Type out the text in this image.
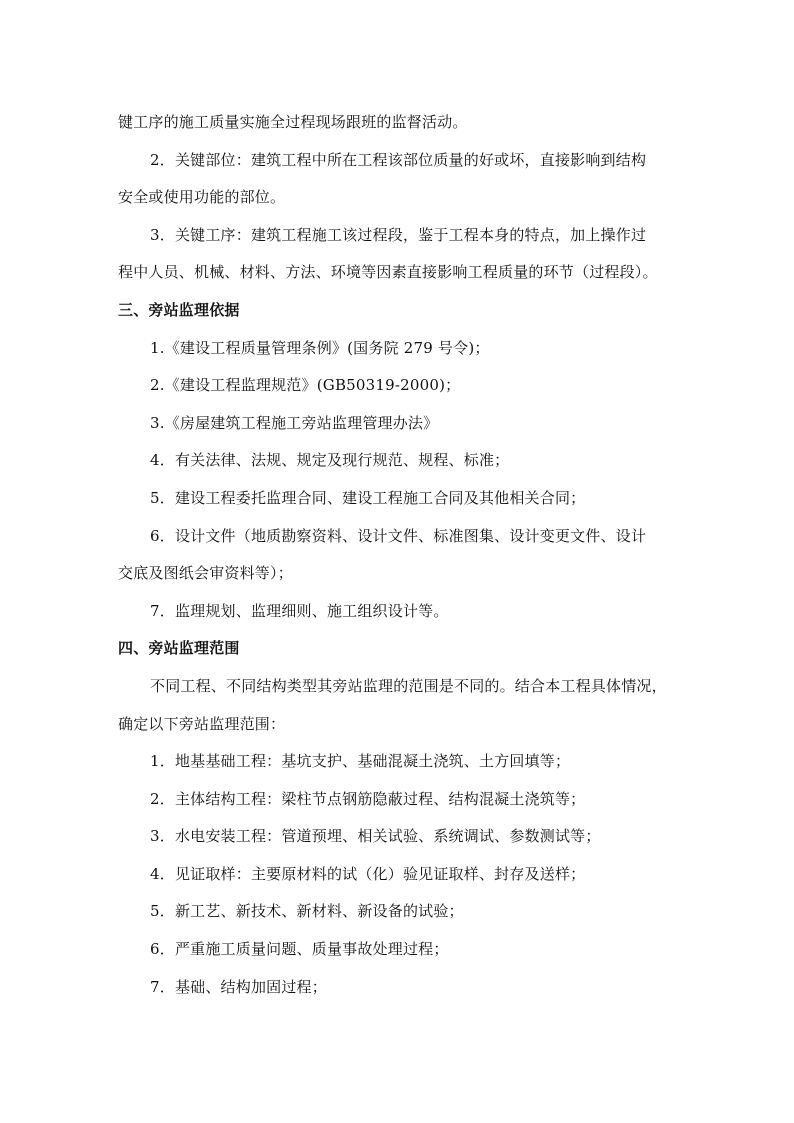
键工序的施工质量实施全过程现场跟班的监督活动。
2．关键部位：建筑工程中所在工程该部位质量的好或坏，直接影响到结构
安全或使用功能的部位。
3．关键工序：建筑工程施工该过程段，鉴于工程本身的特点，加上操作过
程中人员、机械、材料、方法、环境等因素直接影响工程质量的环节（过程段）。
三、旁站监理依据
1.《建设工程质量管理条例》(国务院 279 号令)；
2.《建设工程监理规范》(GB50319-2000)；
3.《房屋建筑工程施工旁站监理管理办法》
4．有关法律、法规、规定及现行规范、规程、标准；
5．建设工程委托监理合同、建设工程施工合同及其他相关合同；
6．设计文件（地质勘察资料、设计文件、标准图集、设计变更文件、设计
交底及图纸会审资料等）；
7．监理规划、监理细则、施工组织设计等。
四、旁站监理范围
不同工程、不同结构类型其旁站监理的范围是不同的。结合本工程具体情况，
确定以下旁站监理范围：
1．地基基础工程：基坑支护、基础混凝土浇筑、土方回填等；
2．主体结构工程：梁柱节点钢筋隐蔽过程、结构混凝土浇筑等；
3．水电安装工程：管道预埋、相关试验、系统调试、参数测试等；
4．见证取样：主要原材料的试（化）验见证取样、封存及送样；
5．新工艺、新技术、新材料、新设备的试验；
6．严重施工质量问题、质量事故处理过程；
7．基础、结构加固过程；
